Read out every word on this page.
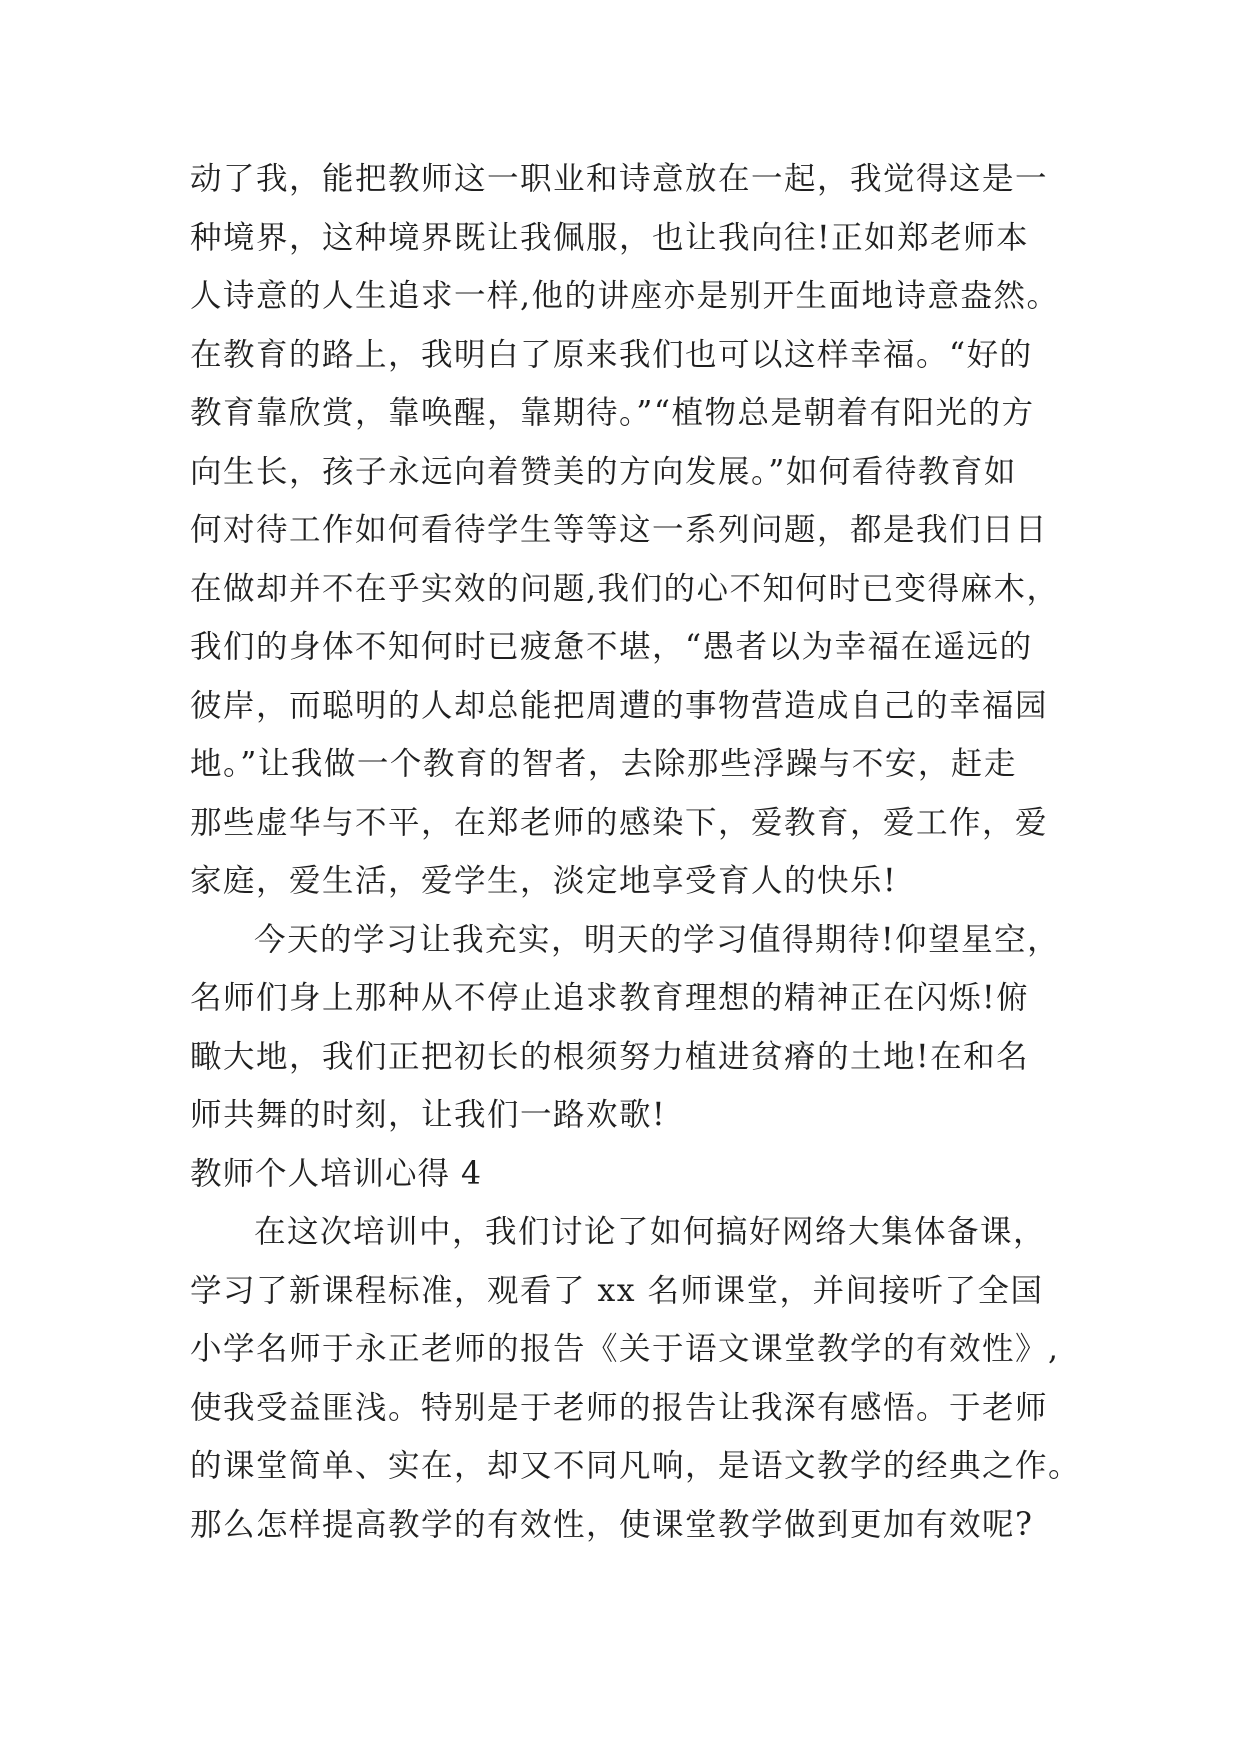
动了我，能把教师这一职业和诗意放在一起，我觉得这是一
种境界，这种境界既让我佩服，也让我向往!正如郑老师本
人诗意的人生追求一样,他的讲座亦是别开生面地诗意盎然。
在教育的路上，我明白了原来我们也可以这样幸福。“好的
教育靠欣赏，靠唤醒，靠期待。”“植物总是朝着有阳光的方
向生长，孩子永远向着赞美的方向发展。”如何看待教育如
何对待工作如何看待学生等等这一系列问题，都是我们日日
在做却并不在乎实效的问题,我们的心不知何时已变得麻木，
我们的身体不知何时已疲惫不堪，“愚者以为幸福在遥远的
彼岸，而聪明的人却总能把周遭的事物营造成自己的幸福园
地。”让我做一个教育的智者，去除那些浮躁与不安，赶走
那些虚华与不平，在郑老师的感染下，爱教育，爱工作，爱
家庭，爱生活，爱学生，淡定地享受育人的快乐!
今天的学习让我充实，明天的学习值得期待!仰望星空，
名师们身上那种从不停止追求教育理想的精神正在闪烁!俯
瞰大地，我们正把初长的根须努力植进贫瘠的土地!在和名
师共舞的时刻，让我们一路欢歌!
教师个人培训心得 4
在这次培训中，我们讨论了如何搞好网络大集体备课，
学习了新课程标准，观看了 xx 名师课堂，并间接听了全国
小学名师于永正老师的报告《关于语文课堂教学的有效性》,
使我受益匪浅。特别是于老师的报告让我深有感悟。于老师
的课堂简单、实在，却又不同凡响，是语文教学的经典之作。
那么怎样提高教学的有效性，使课堂教学做到更加有效呢?
